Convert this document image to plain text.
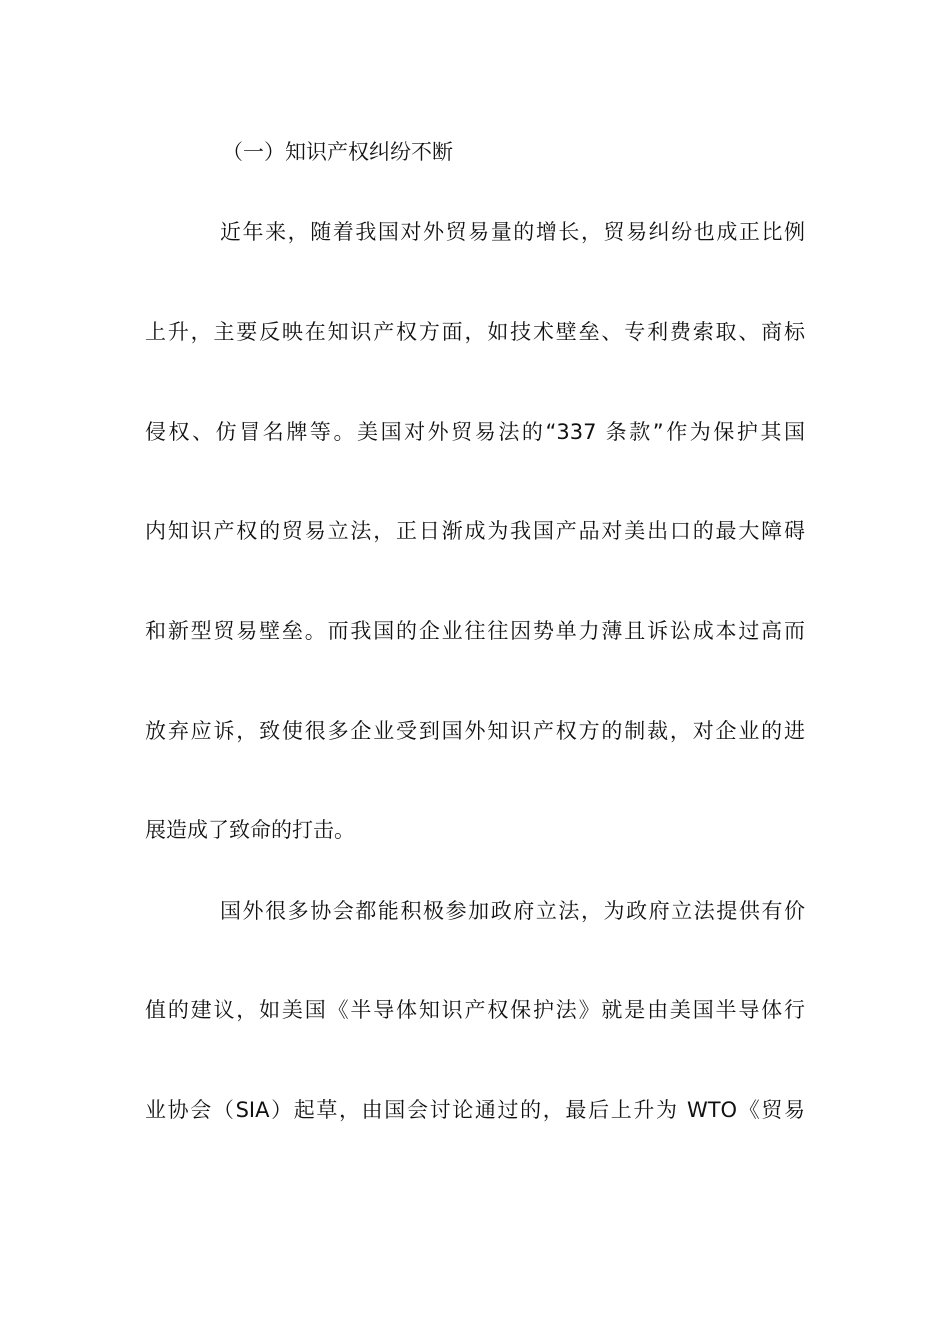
（一）知识产权纠纷不断
近年来，随着我国对外贸易量的增长，贸易纠纷也成正比例
上升，主要反映在知识产权方面，如技术壁垒、专利费索取、商标
侵权、仿冒名牌等。美国对外贸易法的“337 条款”作为保护其国
内知识产权的贸易立法，正日渐成为我国产品对美出口的最大障碍
和新型贸易壁垒。而我国的企业往往因势单力薄且诉讼成本过高而
放弃应诉，致使很多企业受到国外知识产权方的制裁，对企业的进
展造成了致命的打击。
国外很多协会都能积极参加政府立法，为政府立法提供有价
值的建议，如美国《半导体知识产权保护法》就是由美国半导体行
业协会（SIA）起草，由国会讨论通过的，最后上升为 WTO《贸易
